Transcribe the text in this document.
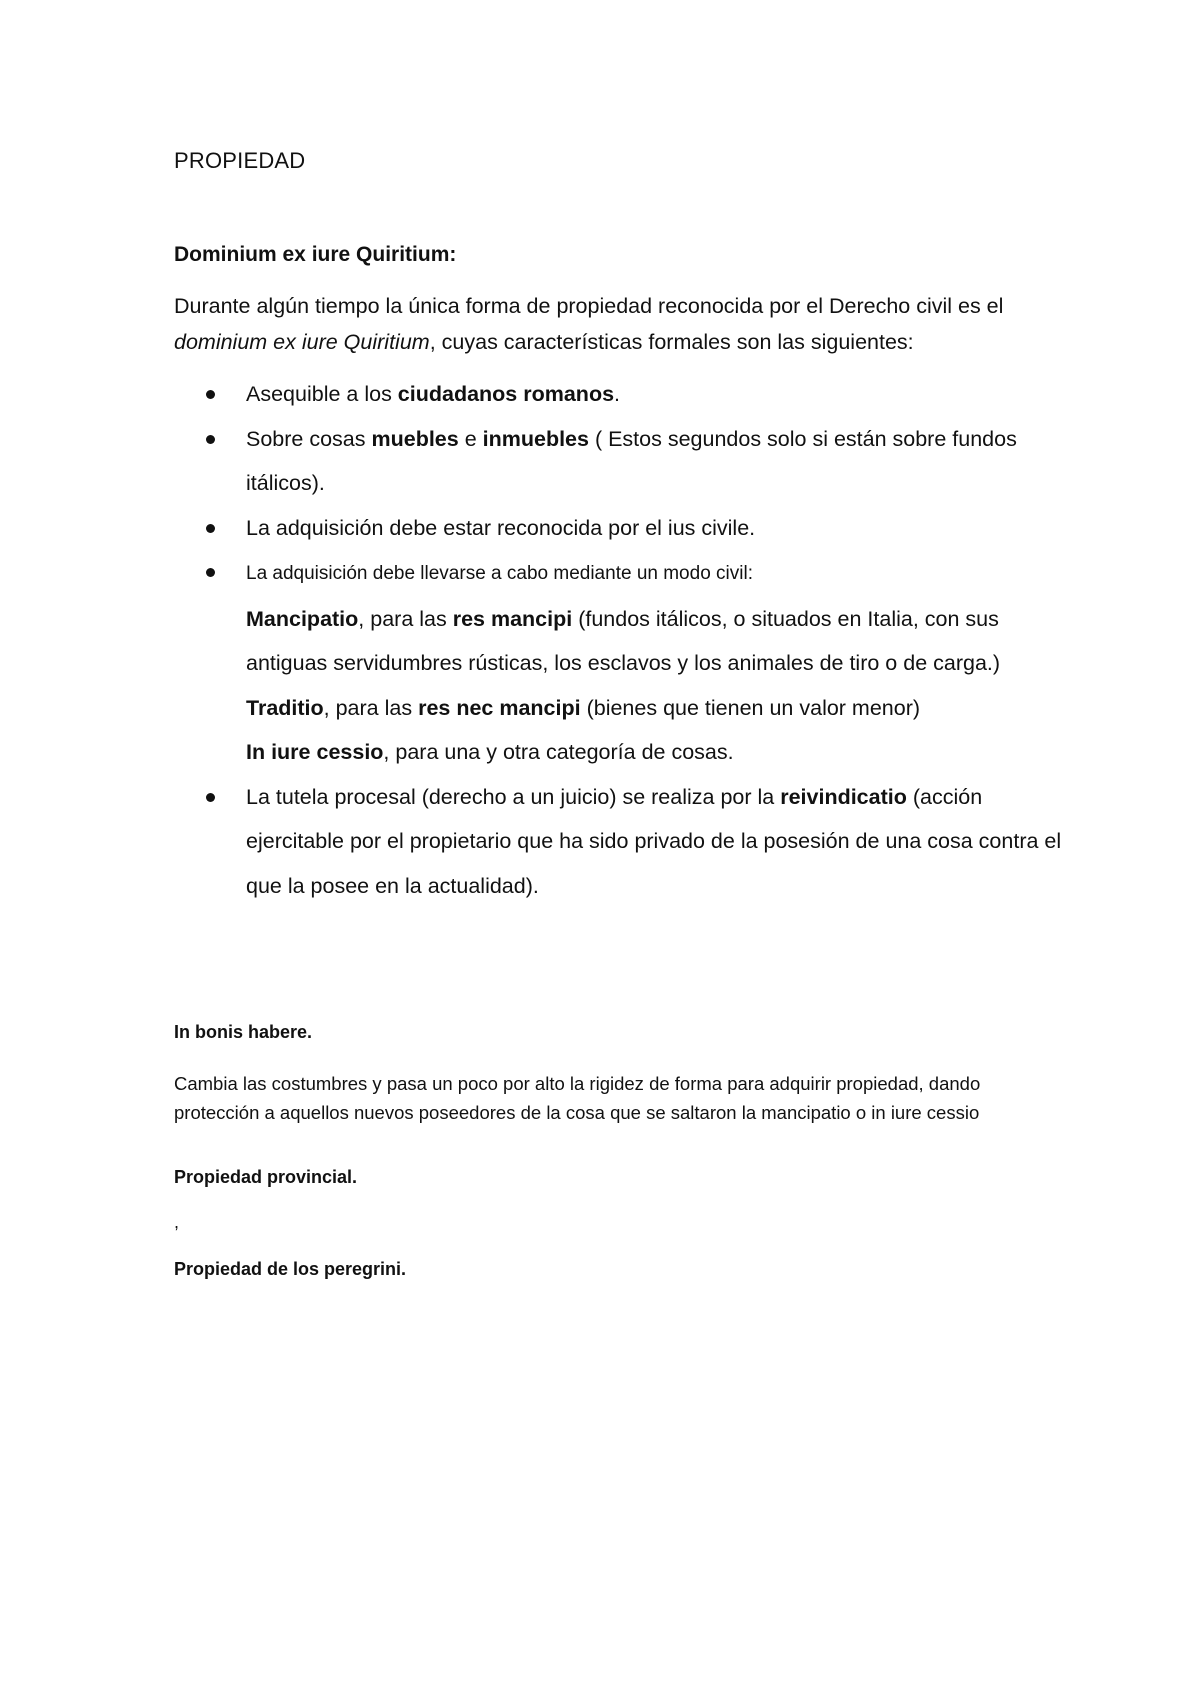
PROPIEDAD
Dominium ex iure Quiritium:
Durante algún tiempo la única forma de propiedad reconocida por el Derecho civil es el dominium ex iure Quiritium, cuyas características formales son las siguientes:
Asequible a los ciudadanos romanos.
Sobre cosas muebles e inmuebles ( Estos segundos solo si están sobre fundos itálicos).
La adquisición debe estar reconocida por el ius civile.
La adquisición debe llevarse a cabo mediante un modo civil:
Mancipatio, para las res mancipi (fundos itálicos, o situados en Italia, con sus antiguas servidumbres rústicas, los esclavos y los animales de tiro o de carga.)
Traditio, para las res nec mancipi (bienes que tienen un valor menor)
In iure cessio, para una y otra categoría de cosas.
La tutela procesal (derecho a un juicio) se realiza por la reivindicatio (acción ejercitable por el propietario que ha sido privado de la posesión de una cosa contra el que la posee en la actualidad).
In bonis habere.
Cambia las costumbres y pasa un poco por alto la rigidez de forma para adquirir propiedad, dando protección a aquellos nuevos poseedores de la cosa que se saltaron la mancipatio o in iure cessio
Propiedad provincial.
,
Propiedad de los peregrini.
